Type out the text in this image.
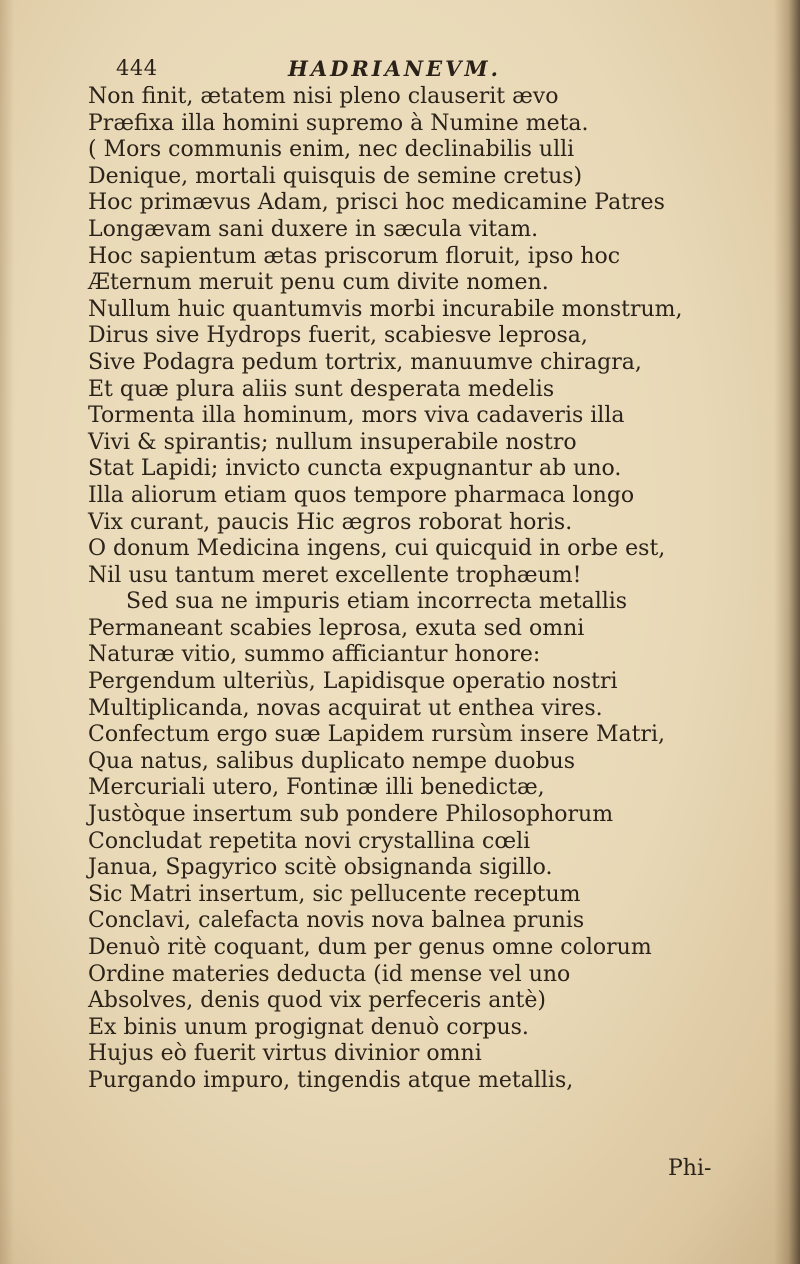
444	HADRIANEVM.
Non finit, ætatem nisi pleno clauserit ævo
Præfixa illa homini supremo à Numine meta.
( Mors communis enim, nec declinabilis ulli
Denique, mortali quisquis de semine cretus)
Hoc primævus Adam, prisci hoc medicamine Patres
Longævam sani duxere in sæcula vitam.
Hoc sapientum ætas priscorum floruit, ipso hoc
Æternum meruit penu cum divite nomen.
Nullum huic quantumvis morbi incurabile monstrum,
Dirus sive Hydrops fuerit, scabiesve leprosa,
Sive Podagra pedum tortrix, manuumve chiragra,
Et quæ plura aliis sunt desperata medelis
Tormenta illa hominum, mors viva cadaveris illa
Vivi & spirantis; nullum insuperabile nostro
Stat Lapidi; invicto cuncta expugnantur ab uno.
Illa aliorum etiam quos tempore pharmaca longo
Vix curant, paucis Hic ægros roborat horis.
O donum Medicina ingens, cui quicquid in orbe est,
Nil usu tantum meret excellente trophæum!
Sed sua ne impuris etiam incorrecta metallis
Permaneant scabies leprosa, exuta sed omni
Naturæ vitio, summo afficiantur honore:
Pergendum ulteriùs, Lapidisque operatio nostri
Multiplicanda, novas acquirat ut enthea vires.
Confectum ergo suæ Lapidem rursùm insere Matri,
Qua natus, salibus duplicato nempe duobus
Mercuriali utero, Fontinæ illi benedictæ,
Justòque insertum sub pondere Philosophorum
Concludat repetita novi crystallina cœli
Janua, Spagyrico scitè obsignanda sigillo.
Sic Matri insertum, sic pellucente receptum
Conclavi, calefacta novis nova balnea prunis
Denuò ritè coquant, dum per genus omne colorum
Ordine materies deducta (id mense vel uno
Absolves, denis quod vix perfeceris antè)
Ex binis unum progignat denuò corpus.
Hujus eò fuerit virtus divinior omni
Purgando impuro, tingendis atque metallis,
Phi-
